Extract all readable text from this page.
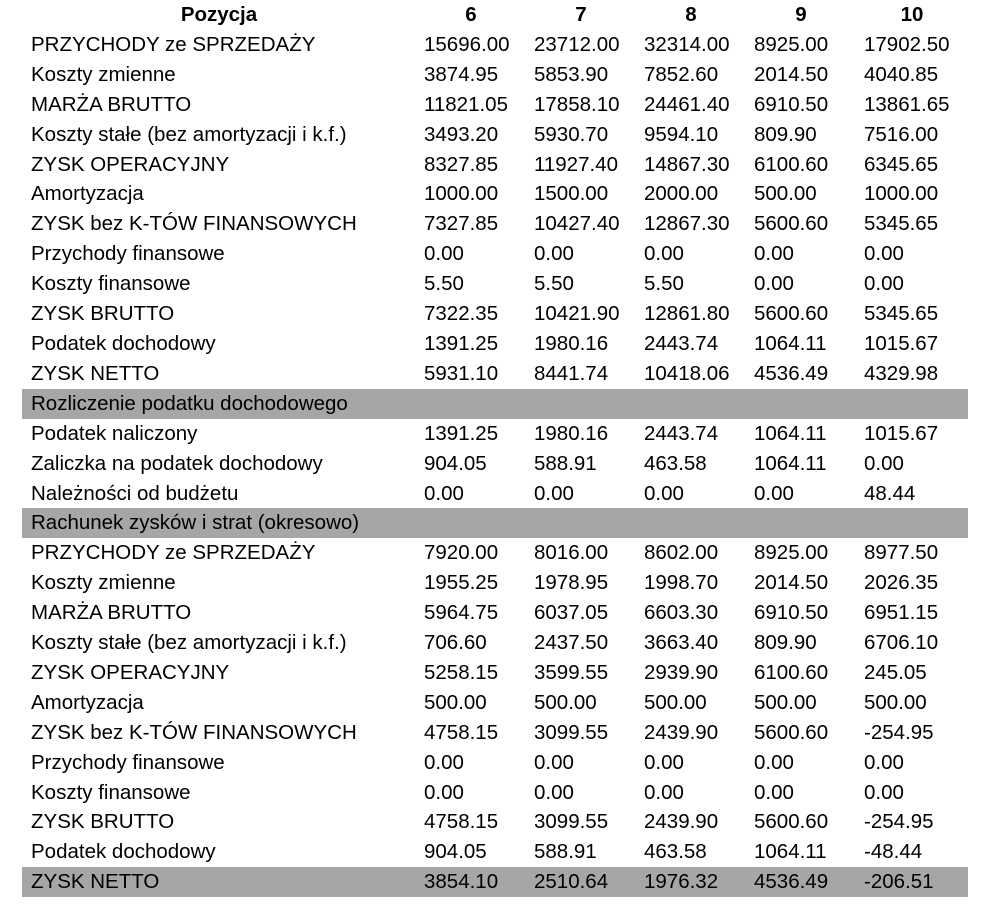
Pozycja	6	7	8	9	10
PRZYCHODY ze SPRZEDAŻY	15696.00	23712.00	32314.00	8925.00	17902.50
Koszty zmienne	3874.95	5853.90	7852.60	2014.50	4040.85
MARŻA BRUTTO	11821.05	17858.10	24461.40	6910.50	13861.65
Koszty stałe (bez amortyzacji i k.f.)	3493.20	5930.70	9594.10	809.90	7516.00
ZYSK OPERACYJNY	8327.85	11927.40	14867.30	6100.60	6345.65
Amortyzacja	1000.00	1500.00	2000.00	500.00	1000.00
ZYSK bez K-TÓW FINANSOWYCH	7327.85	10427.40	12867.30	5600.60	5345.65
Przychody finansowe	0.00	0.00	0.00	0.00	0.00
Koszty finansowe	5.50	5.50	5.50	0.00	0.00
ZYSK BRUTTO	7322.35	10421.90	12861.80	5600.60	5345.65
Podatek dochodowy	1391.25	1980.16	2443.74	1064.11	1015.67
ZYSK NETTO	5931.10	8441.74	10418.06	4536.49	4329.98
Rozliczenie podatku dochodowego					
Podatek naliczony	1391.25	1980.16	2443.74	1064.11	1015.67
Zaliczka na podatek dochodowy	904.05	588.91	463.58	1064.11	0.00
Należności od budżetu	0.00	0.00	0.00	0.00	48.44
Rachunek zysków i strat (okresowo)					
PRZYCHODY ze SPRZEDAŻY	7920.00	8016.00	8602.00	8925.00	8977.50
Koszty zmienne	1955.25	1978.95	1998.70	2014.50	2026.35
MARŻA BRUTTO	5964.75	6037.05	6603.30	6910.50	6951.15
Koszty stałe (bez amortyzacji i k.f.)	706.60	2437.50	3663.40	809.90	6706.10
ZYSK OPERACYJNY	5258.15	3599.55	2939.90	6100.60	245.05
Amortyzacja	500.00	500.00	500.00	500.00	500.00
ZYSK bez K-TÓW FINANSOWYCH	4758.15	3099.55	2439.90	5600.60	-254.95
Przychody finansowe	0.00	0.00	0.00	0.00	0.00
Koszty finansowe	0.00	0.00	0.00	0.00	0.00
ZYSK BRUTTO	4758.15	3099.55	2439.90	5600.60	-254.95
Podatek dochodowy	904.05	588.91	463.58	1064.11	-48.44
ZYSK NETTO	3854.10	2510.64	1976.32	4536.49	-206.51
